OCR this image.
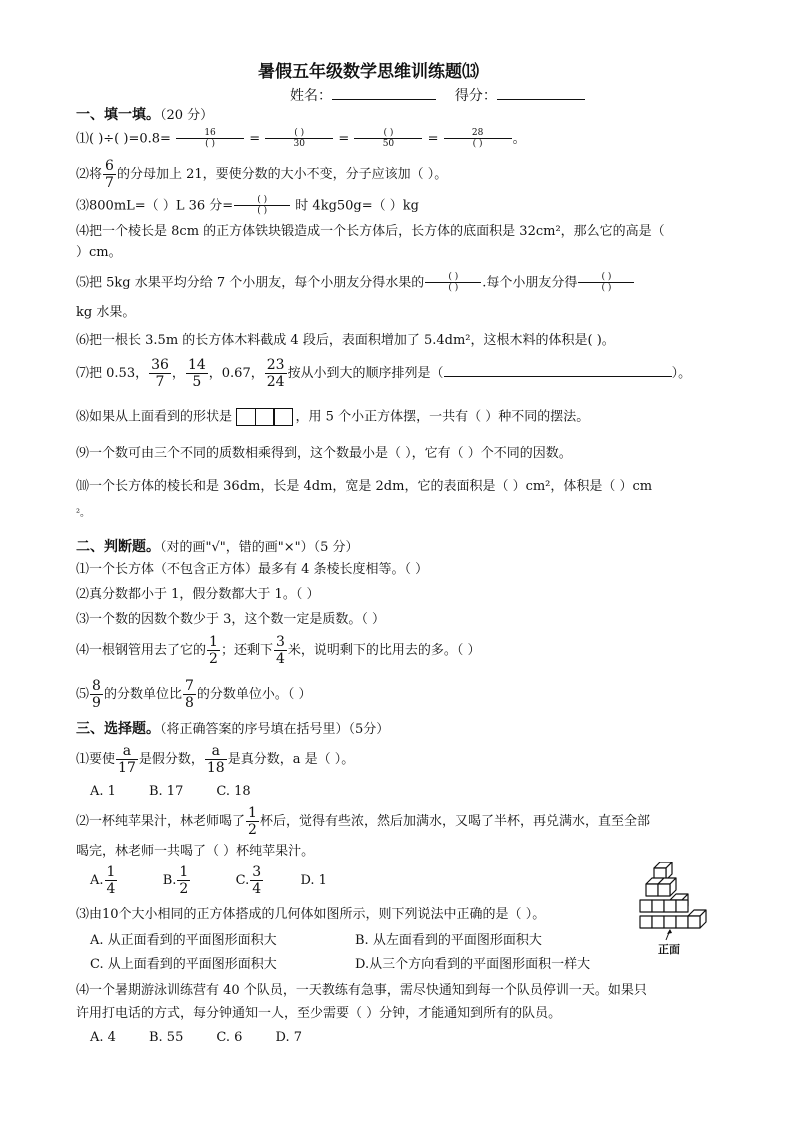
暑假五年级数学思维训练题⒀
姓名：	得分：
一、填一填。（20 分）
⑴( )÷( )$=0.8= \frac{16}{( )} = \frac{( )}{30} = \frac{( )}{50} = \frac{28}{( )}$ 。
⑵将 $\frac{6}{7}$ 的分母加上 21，要使分数的大小不变，分子应该加（ ）。
⑶800mL=（ ）L 36 分= $\frac{( )}{( )}$ 时 4kg50g=（ ）kg
⑷把一个棱长是 8cm 的正方体铁块锻造成一个长方体后，长方体的底面积是 32cm²，那么它的高是（
）cm。
⑸把 5kg 水果平均分给 7 个小朋友，每个小朋友分得水果的 $\frac{( )}{( )}$ .每个小朋友分得 $\frac{( )}{( )}$
kg 水果。
⑹把一根长 3.5m 的长方体木料截成 4 段后，表面积增加了 5.4dm²，这根木料的体积是( )。
⑺把 0.53， $\frac{36}{7}$ ， $\frac{14}{5}$ ，0.67， $\frac{23}{24}$ 按从小到大的顺序排列是（	）。
⑻如果从上面看到的形状是	，用 5 个小正方体摆，一共有（ ）种不同的摆法。
⑼一个数可由三个不同的质数相乘得到，这个数最小是（ ），它有（ ）个不同的因数。
⑽一个长方体的棱长和是 36dm，长是 4dm，宽是 2dm，它的表面积是（ ）cm²，体积是（ ）cm
²。
二、判断题。（对的画"√"，错的画"×"）（5 分）
⑴一个长方体（不包含正方体）最多有 4 条棱长度相等。（ ）
⑵真分数都小于 1，假分数都大于 1。（ ）
⑶一个数的因数个数少于 3，这个数一定是质数。（ ）
⑷一根钢管用去了它的 $\frac{1}{2}$ ；还剩下 $\frac{3}{4}$ 米，说明剩下的比用去的多。（ ）
⑸ $\frac{8}{9}$ 的分数单位比 $\frac{7}{8}$ 的分数单位小。（ ）
三、选择题。（将正确答案的序号填在括号里）（5分）
⑴要使 $\frac{a}{17}$ 是假分数， $\frac{a}{18}$ 是真分数，a 是（ ）。
A. 1        B. 17        C. 18
⑵一杯纯苹果汁，林老师喝了 $\frac{1}{2}$ 杯后，觉得有些浓，然后加满水，又喝了半杯，再兑满水，直至全部
喝完，林老师一共喝了（ ）杯纯苹果汁。
A. $\frac{1}{4}$	B. $\frac{1}{2}$	C. $\frac{3}{4}$	D. 1
⑶由10个大小相同的正方体搭成的几何体如图所示，则下列说法中正确的是（ ）。
A. 从正面看到的平面图形面积大	B. 从左面看到的平面图形面积大
C. 从上面看到的平面图形面积大	D.从三个方向看到的平面图形面积一样大
正面
⑷一个暑期游泳训练营有 40 个队员，一天教练有急事，需尽快通知到每一个队员停训一天。如果只
许用打电话的方式，每分钟通知一人，至少需要（ ）分钟，才能通知到所有的队员。
A. 4        B. 55        C. 6        D. 7
